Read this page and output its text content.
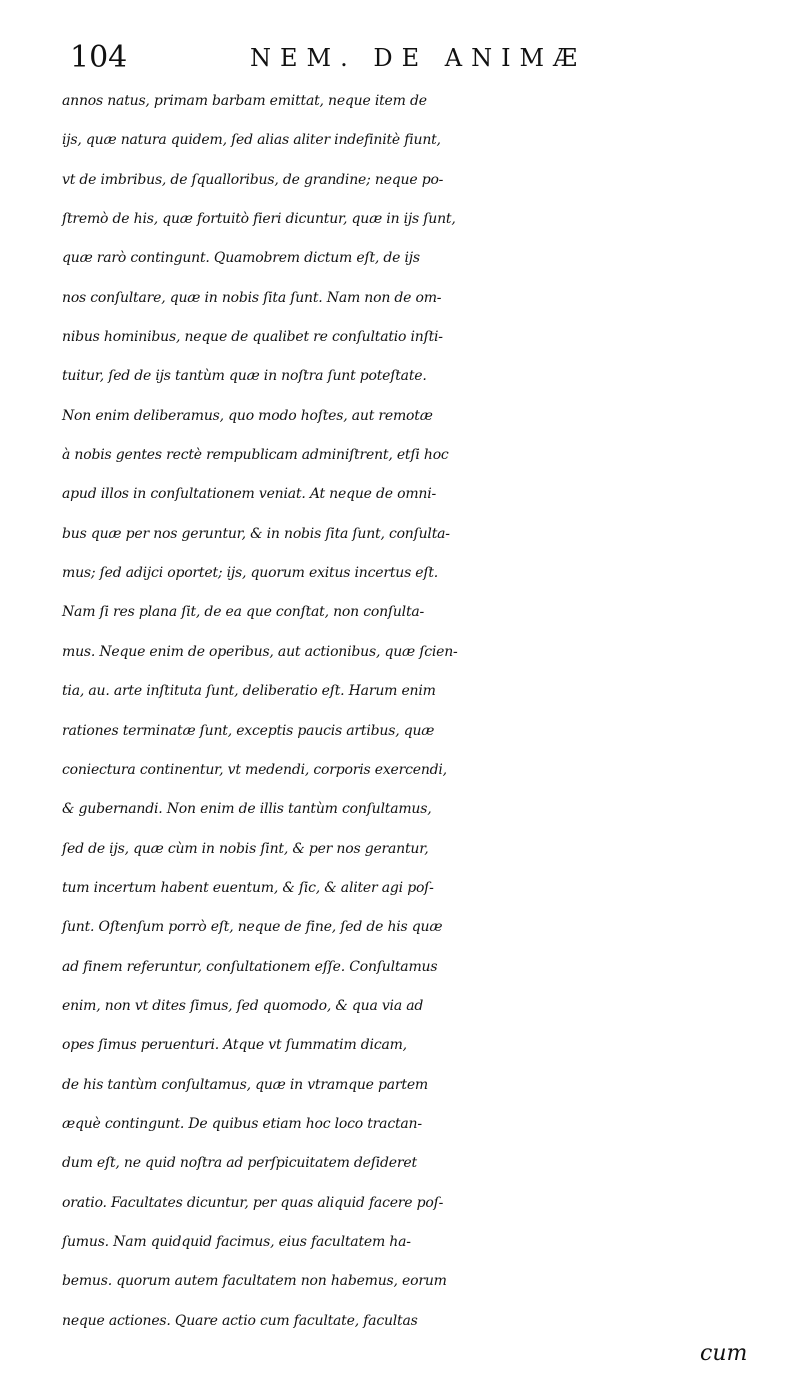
104	NEM. DE ANIMÆ
annos natus, primam barbam emittat, neque item de
ijs, quæ natura quidem, ſed alias aliter indefinitè fiunt,
vt de imbribus, de ſqualloribus, de grandine; neque po-
ſtremò de his, quæ fortuitò fieri dicuntur, quæ in ijs ſunt,
quæ rarò contingunt. Quamobrem dictum eſt, de ijs
nos conſultare, quæ in nobis ſita ſunt. Nam non de om-
nibus hominibus, neque de qualibet re conſultatio inſti-
tuitur, ſed de ijs tantùm quæ in noſtra ſunt poteſtate.
Non enim deliberamus, quo modo hoſtes, aut remotæ
à nobis gentes rectè rempublicam adminiſtrent, etſi hoc
apud illos in conſultationem veniat. At neque de omni-
bus quæ per nos geruntur, & in nobis ſita ſunt, conſulta-
mus; ſed adijci oportet; ijs, quorum exitus incertus eſt.
Nam ſi res plana ſit, de ea que conſtat, non conſulta-
mus. Neque enim de operibus, aut actionibus, quæ ſcien-
tia, au. arte inſtituta ſunt, deliberatio eſt. Harum enim
rationes terminatæ ſunt, exceptis paucis artibus, quæ
coniectura continentur, vt medendi, corporis exercendi,
& gubernandi. Non enim de illis tantùm conſultamus,
ſed de ijs, quæ cùm in nobis ſint, & per nos gerantur,
tum incertum habent euentum, & ſic, & aliter agi poſ-
ſunt. Oſtenſum porrò eſt, neque de fine, ſed de his quæ
ad finem referuntur, conſultationem eſſe. Conſultamus
enim, non vt dites ſimus, ſed quomodo, & qua via ad
opes ſimus peruenturi. Atque vt ſummatim dicam,
de his tantùm conſultamus, quæ in vtramque partem
æquè contingunt. De quibus etiam hoc loco tractan-
dum eſt, ne quid noſtra ad perſpicuitatem deſideret
oratio. Facultates dicuntur, per quas aliquid facere poſ-
ſumus. Nam quidquid facimus, eius facultatem ha-
bemus. quorum autem facultatem non habemus, eorum
neque actiones. Quare actio cum facultate, facultas
cum
